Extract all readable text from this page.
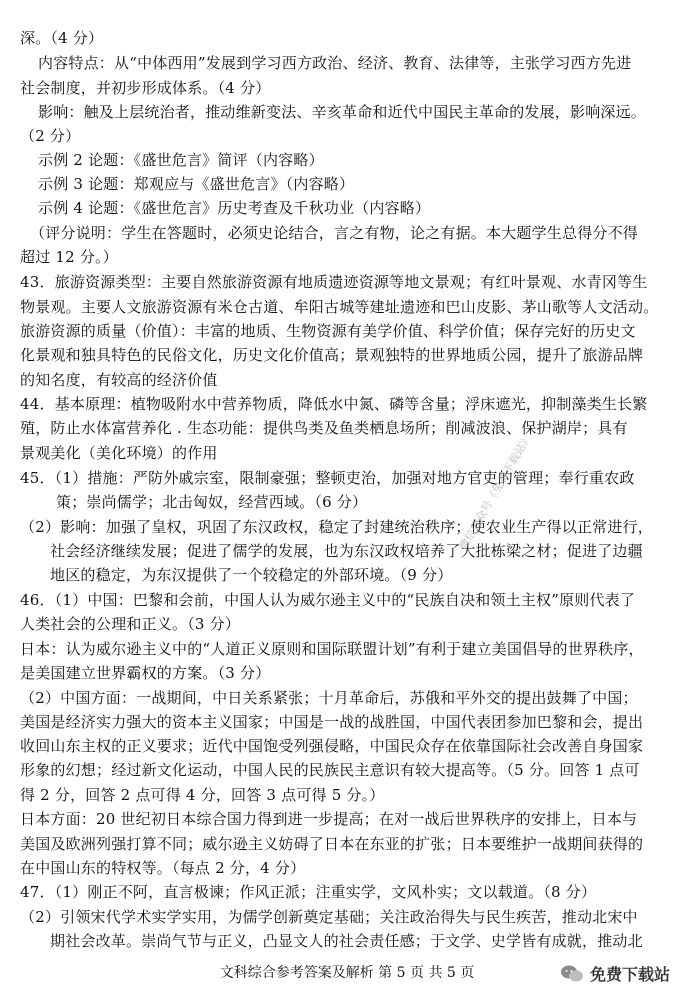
深。（4 分）
内容特点：从“中体西用”发展到学习西方政治、经济、教育、法律等，主张学习西方先进
社会制度，并初步形成体系。（4 分）
影响：触及上层统治者，推动维新变法、辛亥革命和近代中国民主革命的发展，影响深远。
（2 分）
示例 2 论题：《盛世危言》简评（内容略）
示例 3 论题：郑观应与《盛世危言》（内容略）
示例 4 论题：《盛世危言》历史考查及千秋功业（内容略）
（评分说明：学生在答题时，必须史论结合，言之有物，论之有据。本大题学生总得分不得
超过 12 分。）
43．旅游资源类型：主要自然旅游资源有地质遗迹资源等地文景观；有红叶景观、水青冈等生
物景观。主要人文旅游资源有米仓古道、牟阳古城等建址遗迹和巴山皮影、茅山歌等人文活动。
旅游资源的质量（价值）：丰富的地质、生物资源有美学价值、科学价值；保存完好的历史文
化景观和独具特色的民俗文化，历史文化价值高；景观独特的世界地质公园，提升了旅游品牌
的知名度，有较高的经济价值
44．基本原理：植物吸附水中营养物质，降低水中氮、磷等含量；浮床遮光，抑制藻类生长繁
殖，防止水体富营养化 . 生态功能：提供鸟类及鱼类栖息场所；削减波浪、保护湖岸；具有
景观美化（美化环境）的作用
45．（1）措施：严防外戚宗室，限制豪强；整顿吏治，加强对地方官吏的管理；奉行重农政
策；崇尚儒学；北击匈奴，经营西域。（6 分）
（2）影响：加强了皇权，巩固了东汉政权，稳定了封建统治秩序；使农业生产得以正常进行，
社会经济继续发展；促进了儒学的发展，也为东汉政权培养了大批栋梁之材；促进了边疆
地区的稳定，为东汉提供了一个较稳定的外部环境。（9 分）
46．（1）中国：巴黎和会前，中国人认为威尔逊主义中的“民族自决和领土主权”原则代表了
人类社会的公理和正义。（3 分）
日本：认为威尔逊主义中的“人道正义原则和国际联盟计划”有利于建立美国倡导的世界秩序，
是美国建立世界霸权的方案。（3 分）
（2）中国方面：一战期间，中日关系紧张；十月革命后，苏俄和平外交的提出鼓舞了中国；
美国是经济实力强大的资本主义国家；中国是一战的战胜国，中国代表团参加巴黎和会，提出
收回山东主权的正义要求；近代中国饱受列强侵略，中国民众存在依靠国际社会改善自身国家
形象的幻想；经过新文化运动，中国人民的民族民主意识有较大提高等。（5 分。回答 1 点可
得 2 分，回答 2 点可得 4 分，回答 3 点可得 5 分。）
日本方面：20 世纪初日本综合国力得到进一步提高；在对一战后世界秩序的安排上，日本与
美国及欧洲列强打算不同；威尔逊主义妨碍了日本在东亚的扩张；日本要维护一战期间获得的
在中国山东的特权等。（每点 2 分，4 分）
47．（1）刚正不阿，直言极谏；作风正派；注重实学，文风朴实；文以载道。（8 分）
（2）引领宋代学术实学实用，为儒学创新奠定基础；关注政治得失与民生疾苦，推动北宋中
期社会改革。崇尚气节与正义，凸显文人的社会责任感；于文学、史学皆有成就，推动北
微信公众号《免费下载站》
文科综合参考答案及解析 第 5 页 共 5 页	免费下载站
